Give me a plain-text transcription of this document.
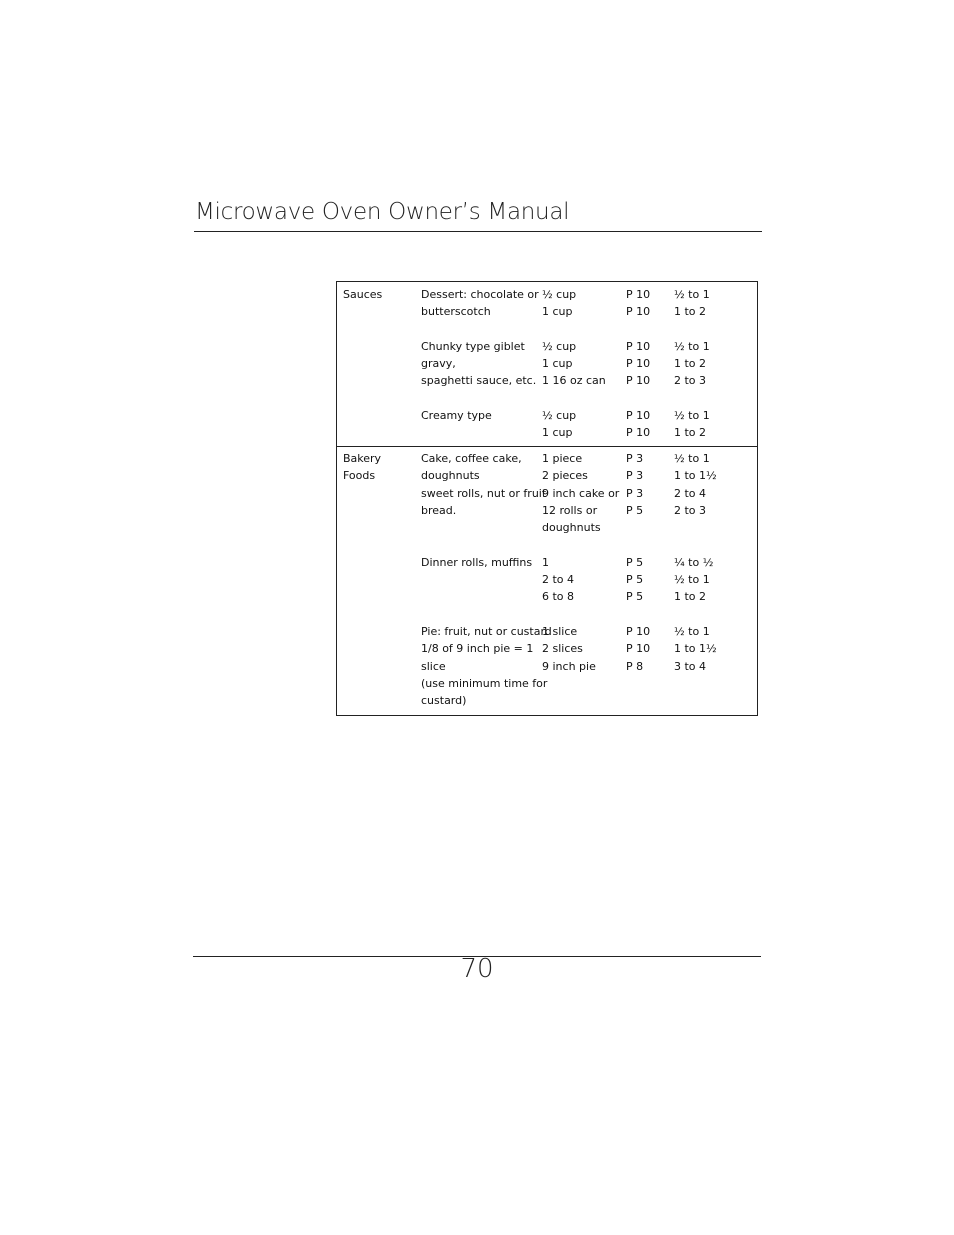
Microwave Oven Owner’s Manual
Sauces	Dessert: chocolate or
butterscotch
½ cup
1 cup
P 10
P 10
½ to 1
1 to 2
Chunky type giblet
gravy,
spaghetti sauce, etc.
½ cup
1 cup
1 16 oz can
P 10
P 10
P 10
½ to 1
1 to 2
2 to 3
Creamy type	½ cup
1 cup
P 10
P 10
½ to 1
1 to 2
Bakery
Foods
Cake, coffee cake,
doughnuts
sweet rolls, nut or fruit
bread.
1 piece
2 pieces
9 inch cake or
12 rolls or
doughnuts
P 3
P 3
P 3
P 5
½ to 1
1 to 1½
2 to 4
2 to 3
Dinner rolls, muffins 1
2 to 4
6 to 8
P 5
P 5
P 5
¼ to ½
½ to 1
1 to 2
Pie: fruit, nut or custard
1/8 of 9 inch pie = 1
slice
(use minimum time for
custard)
1 slice
2 slices
9 inch pie
P 10
P 10
P 8
½ to 1
1 to 1½
3 to 4
70
